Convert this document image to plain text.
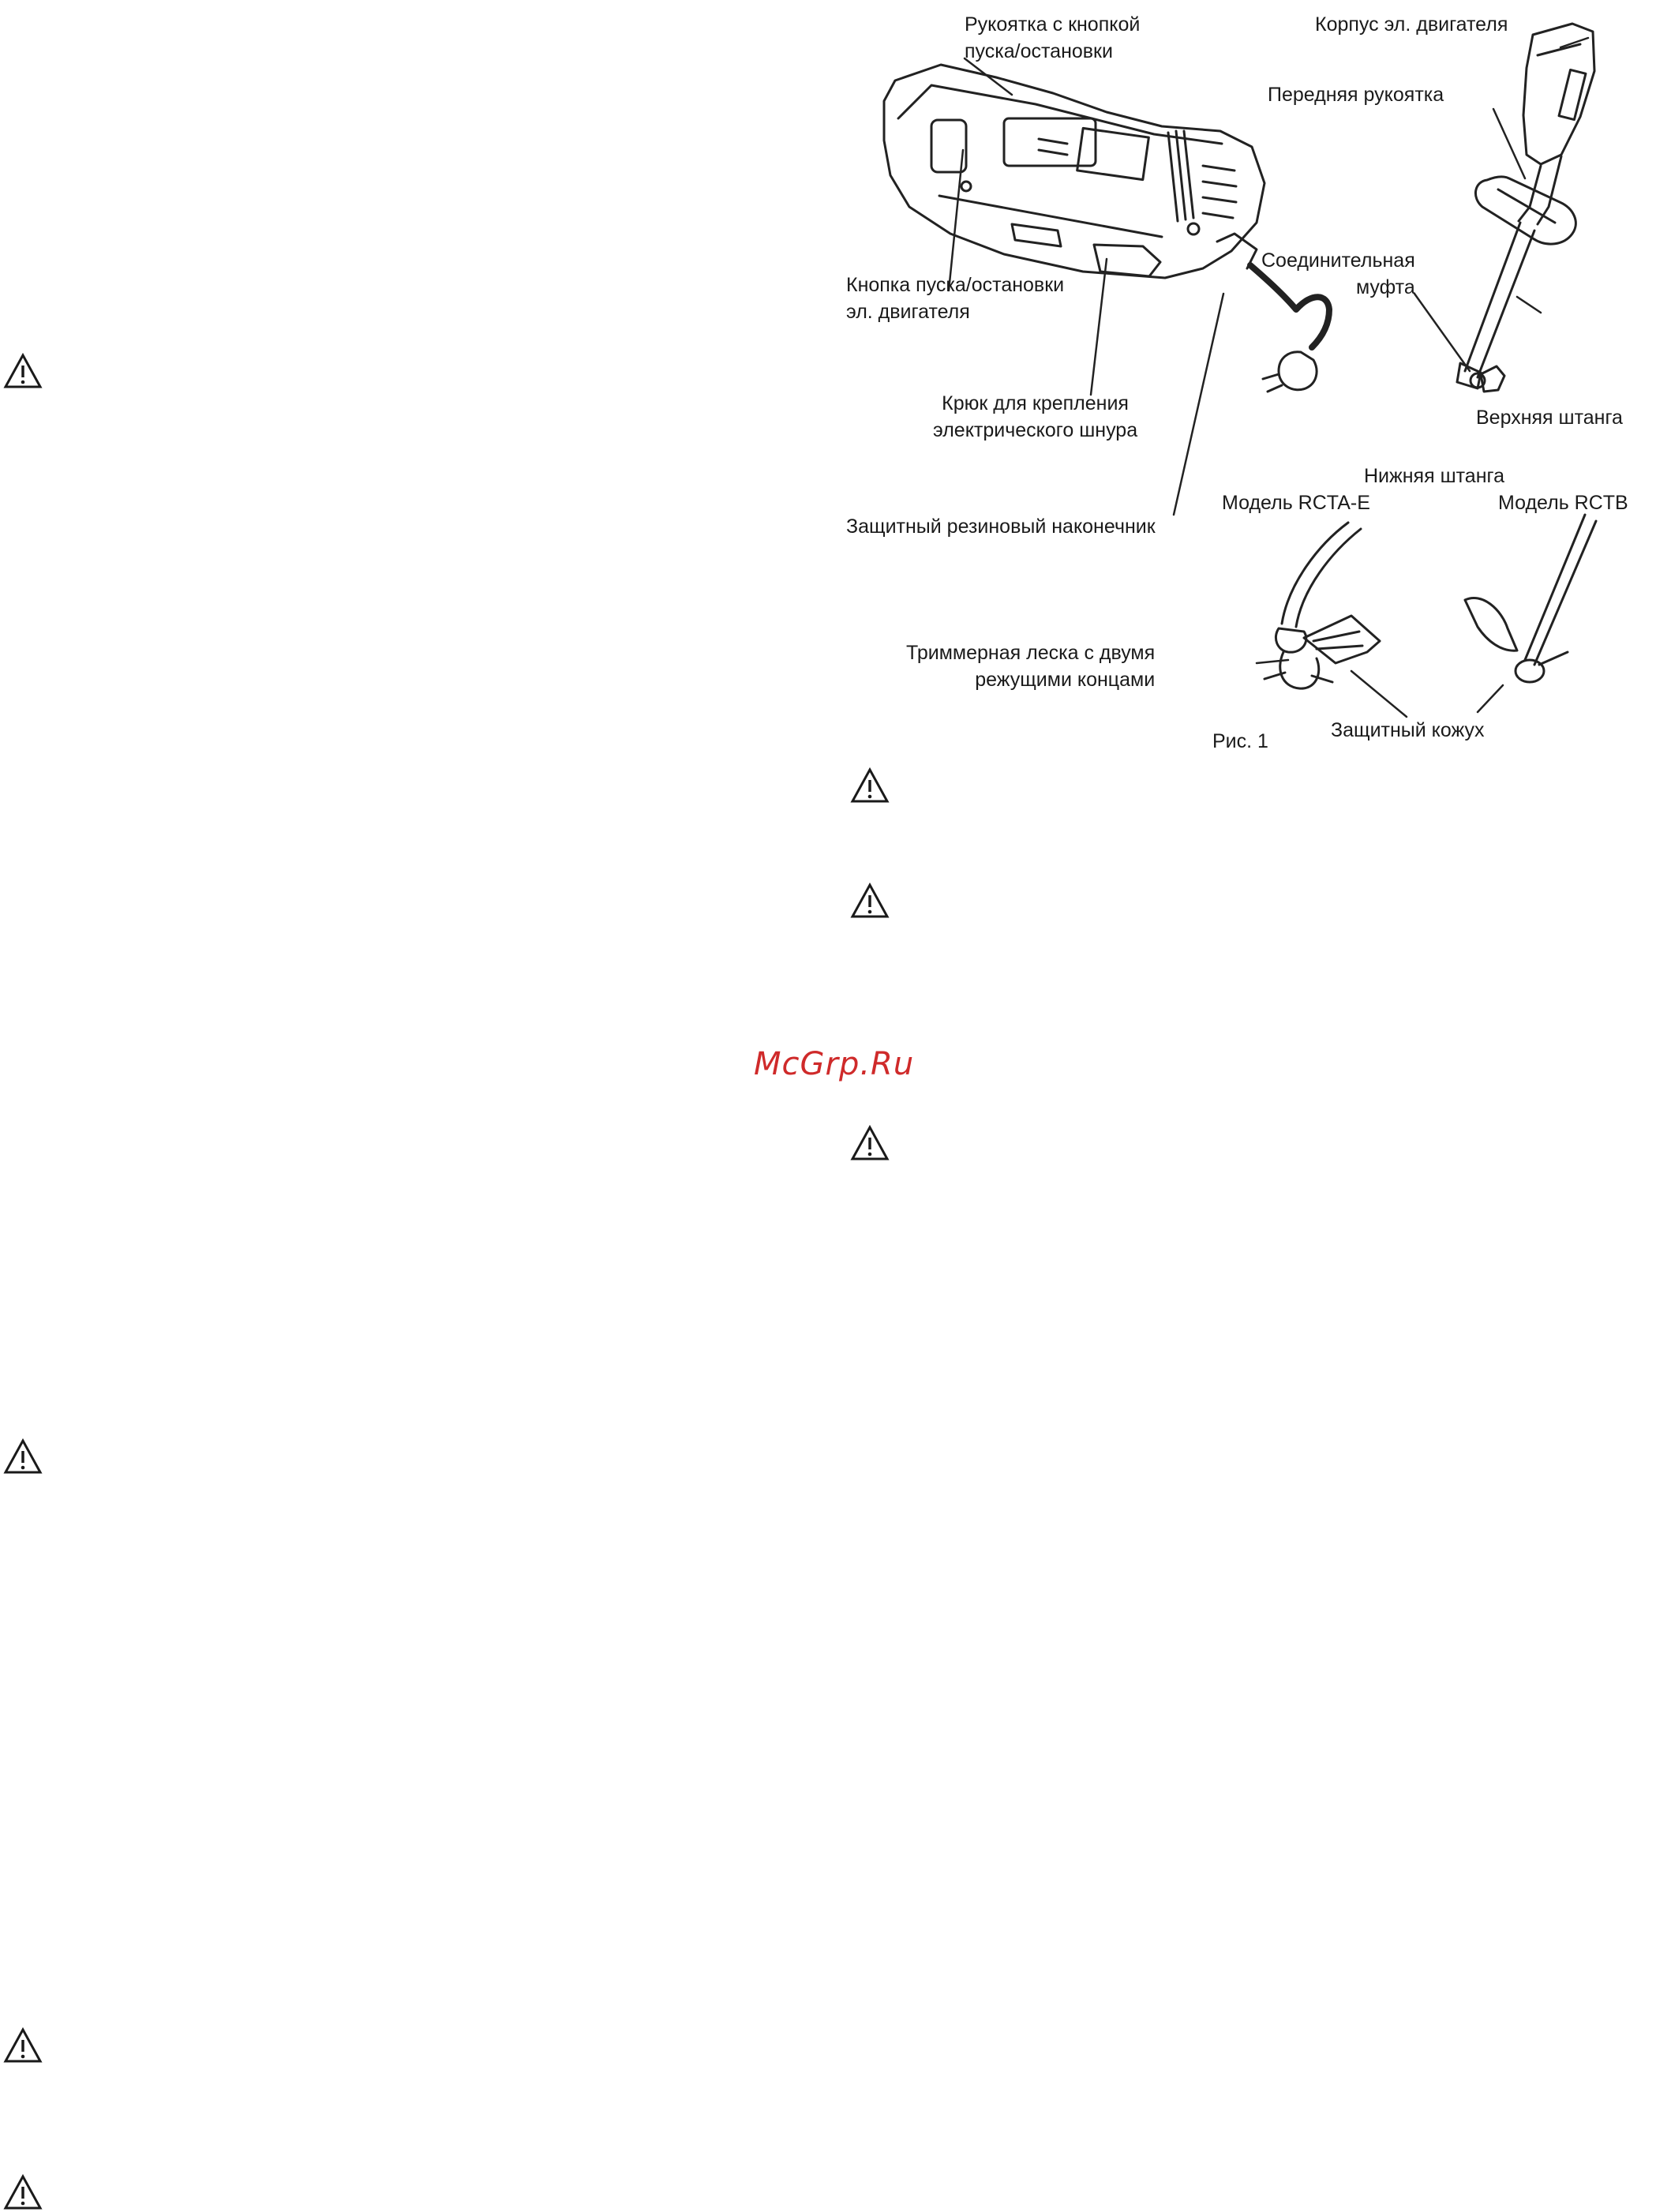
McGrp.Ru
Рукоятка с кнопкой
пуска/остановки
Корпус эл. двигателя
Передняя рукоятка
Кнопка пуска/остановки
эл. двигателя
Соединительная
муфта
Крюк для крепления
электрического шнура
Верхняя штанга
Нижняя штанга
Защитный резиновый наконечник
Модель RCTA-E	Модель RCTB
Триммерная леска с двумя
режущими концами
Защитный кожух
Рис. 1
